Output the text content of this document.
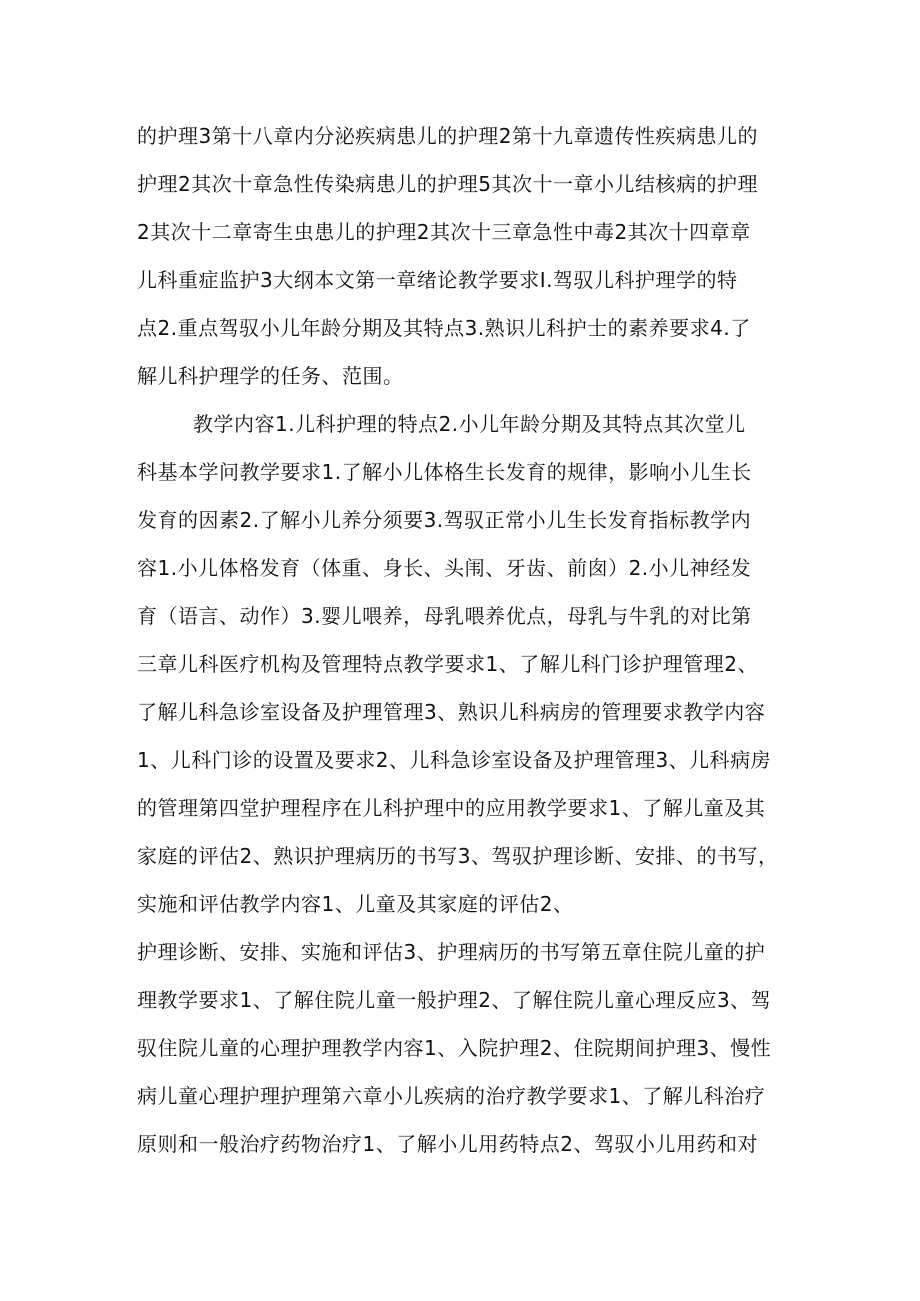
的护理3第十八章内分泌疾病患儿的护理2第十九章遗传性疾病患儿的
护理2其次十章急性传染病患儿的护理5其次十一章小儿结核病的护理
2其次十二章寄生虫患儿的护理2其次十三章急性中毒2其次十四章章
儿科重症监护3大纲本文第一章绪论教学要求I.驾驭儿科护理学的特
点2.重点驾驭小儿年龄分期及其特点3.熟识儿科护士的素养要求4.了
解儿科护理学的任务、范围。
教学内容1.儿科护理的特点2.小儿年龄分期及其特点其次堂儿
科基本学问教学要求1.了解小儿体格生长发育的规律，影响小儿生长
发育的因素2.了解小儿养分须要3.驾驭正常小儿生长发育指标教学内
容1.小儿体格发育（体重、身长、头闱、牙齿、前囱）2.小儿神经发
育（语言、动作）3.婴儿喂养，母乳喂养优点，母乳与牛乳的对比第
三章儿科医疗机构及管理特点教学要求1、了解儿科门诊护理管理2、
了解儿科急诊室设备及护理管理3、熟识儿科病房的管理要求教学内容
1、儿科门诊的设置及要求2、儿科急诊室设备及护理管理3、儿科病房
的管理第四堂护理程序在儿科护理中的应用教学要求1、了解儿童及其
家庭的评估2、熟识护理病历的书写3、驾驭护理诊断、安排、的书写，
实施和评估教学内容1、儿童及其家庭的评估2、
护理诊断、安排、实施和评估3、护理病历的书写第五章住院儿童的护
理教学要求1、了解住院儿童一般护理2、了解住院儿童心理反应3、驾
驭住院儿童的心理护理教学内容1、入院护理2、住院期间护理3、慢性
病儿童心理护理护理第六章小儿疾病的治疗教学要求1、了解儿科治疗
原则和一般治疗药物治疗1、了解小儿用药特点2、驾驭小儿用药和对
